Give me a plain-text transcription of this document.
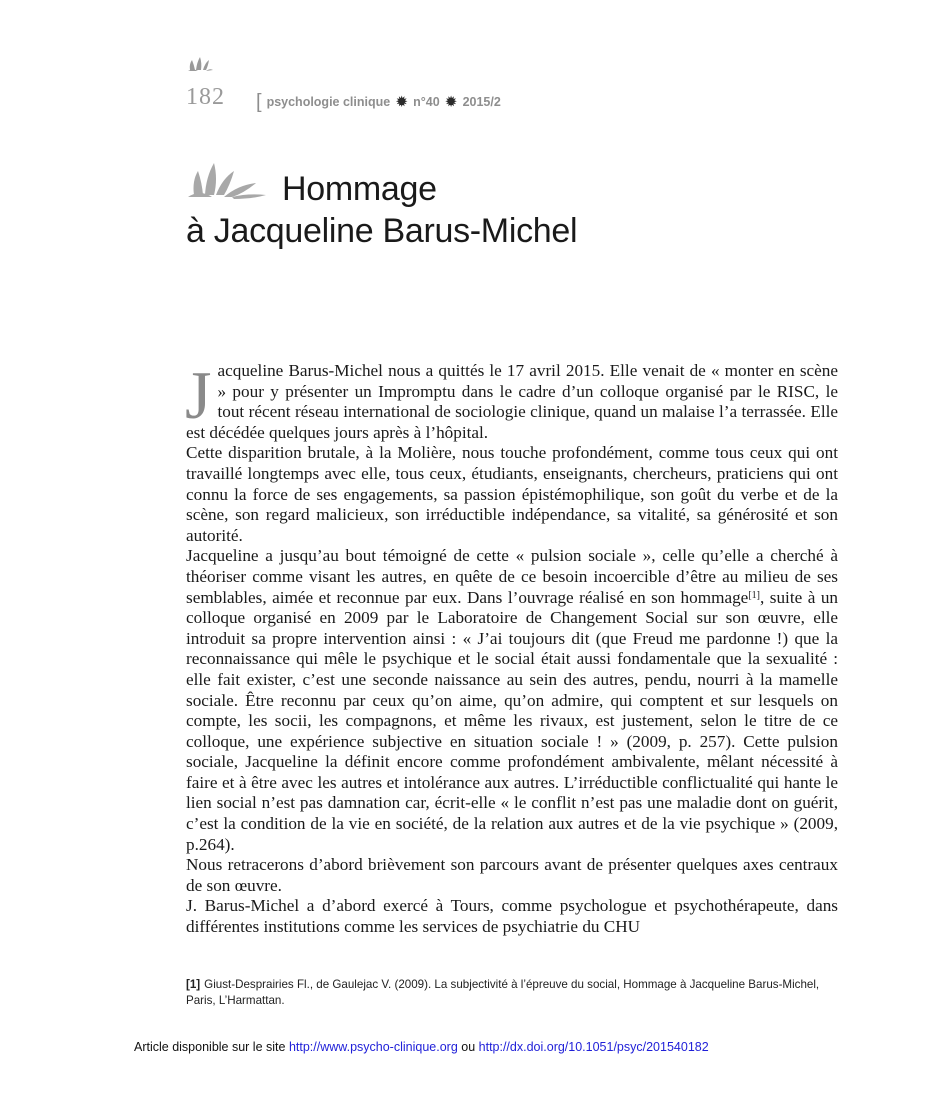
182 [ psychologie clinique ✹ n°40 ✹ 2015/2
Hommage
à Jacqueline Barus-Michel

Jacqueline Barus-Michel nous a quittés le 17 avril 2015. Elle venait de « monter en scène » pour y présenter un Impromptu dans le cadre d’un colloque organisé par le RISC, le tout récent réseau international de sociologie clinique, quand un malaise l’a terrassée. Elle est décédée quelques jours après à l’hôpital.

Cette disparition brutale, à la Molière, nous touche profondément, comme tous ceux qui ont travaillé longtemps avec elle, tous ceux, étudiants, enseignants, chercheurs, praticiens qui ont connu la force de ses engagements, sa passion épistémophilique, son goût du verbe et de la scène, son regard malicieux, son irréductible indépendance, sa vitalité, sa générosité et son autorité.

Jacqueline a jusqu’au bout témoigné de cette « pulsion sociale », celle qu’elle a cherché à théoriser comme visant les autres, en quête de ce besoin incoercible d’être au milieu de ses semblables, aimée et reconnue par eux. Dans l’ouvrage réalisé en son hommage[1], suite à un colloque organisé en 2009 par le Laboratoire de Changement Social sur son œuvre, elle introduit sa propre intervention ainsi : « J’ai toujours dit (que Freud me pardonne !) que la reconnaissance qui mêle le psychique et le social était aussi fondamentale que la sexualité : elle fait exister, c’est une seconde naissance au sein des autres, pendu, nourri à la mamelle sociale. Être reconnu par ceux qu’on aime, qu’on admire, qui comptent et sur lesquels on compte, les socii, les compagnons, et même les rivaux, est justement, selon le titre de ce colloque, une expérience subjective en situation sociale ! » (2009, p. 257). Cette pulsion sociale, Jacqueline la définit encore comme profondément ambivalente, mêlant nécessité à faire et à être avec les autres et intolérance aux autres. L’irréductible conflictualité qui hante le lien social n’est pas damnation car, écrit-elle « le conflit n’est pas une maladie dont on guérit, c’est la condition de la vie en société, de la relation aux autres et de la vie psychique » (2009, p.264).

Nous retracerons d’abord brièvement son parcours avant de présenter quelques axes centraux de son œuvre.

J. Barus-Michel a d’abord exercé à Tours, comme psychologue et psychothérapeute, dans différentes institutions comme les services de psychiatrie du CHU

[1] Giust-Desprairies Fl., de Gaulejac V. (2009). La subjectivité à l’épreuve du social, Hommage à Jacqueline Barus-Michel, Paris, L’Harmattan.
Article disponible sur le site http://www.psycho-clinique.org ou http://dx.doi.org/10.1051/psyc/201540182
